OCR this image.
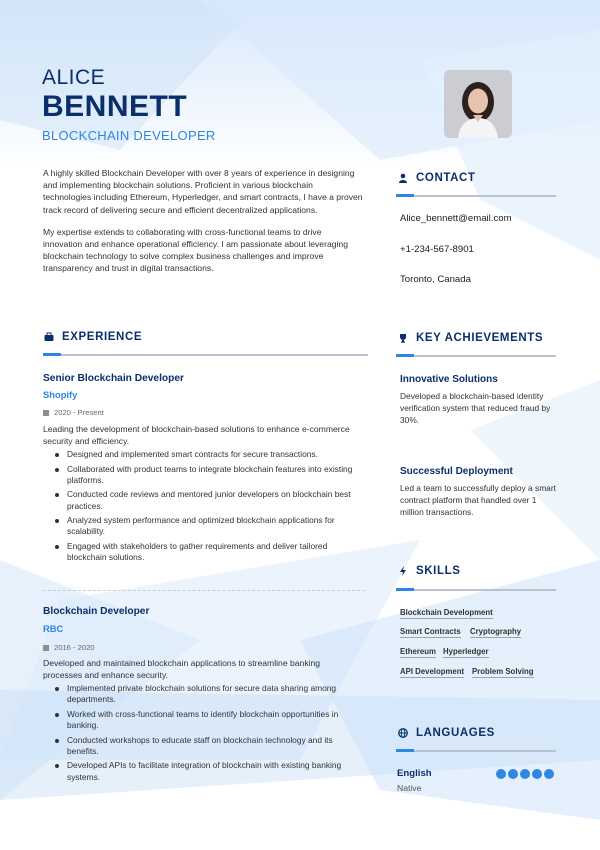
ALICE
BENNETT
BLOCKCHAIN DEVELOPER

A highly skilled Blockchain Developer with over 8 years of experience in designing and implementing blockchain solutions. Proficient in various blockchain technologies including Ethereum, Hyperledger, and smart contracts, I have a proven track record of delivering secure and efficient decentralized applications.

My expertise extends to collaborating with cross-functional teams to drive innovation and enhance operational efficiency. I am passionate about leveraging blockchain technology to solve complex business challenges and improve transparency and trust in digital transactions.

CONTACT
Alice_bennett@email.com
+1-234-567-8901
Toronto, Canada
EXPERIENCE
Senior Blockchain Developer
Shopify
2020 - Present
Leading the development of blockchain-based solutions to enhance e-commerce security and efficiency.
Designed and implemented smart contracts for secure transactions.
Collaborated with product teams to integrate blockchain features into existing platforms.
Conducted code reviews and mentored junior developers on blockchain best practices.
Analyzed system performance and optimized blockchain applications for scalability.
Engaged with stakeholders to gather requirements and deliver tailored blockchain solutions.
Blockchain Developer
RBC
2016 - 2020
Developed and maintained blockchain applications to streamline banking processes and enhance security.
Implemented private blockchain solutions for secure data sharing among departments.
Worked with cross-functional teams to identify blockchain opportunities in banking.
Conducted workshops to educate staff on blockchain technology and its benefits.
Developed APIs to facilitate integration of blockchain with existing banking systems.
KEY ACHIEVEMENTS
Innovative Solutions
Developed a blockchain-based identity verification system that reduced fraud by 30%.
Successful Deployment
Led a team to successfully deploy a smart contract platform that handled over 1 million transactions.
SKILLS
Blockchain Development
Smart Contracts Cryptography
Ethereum Hyperledger
API Development Problem Solving
LANGUAGES
English
Native
